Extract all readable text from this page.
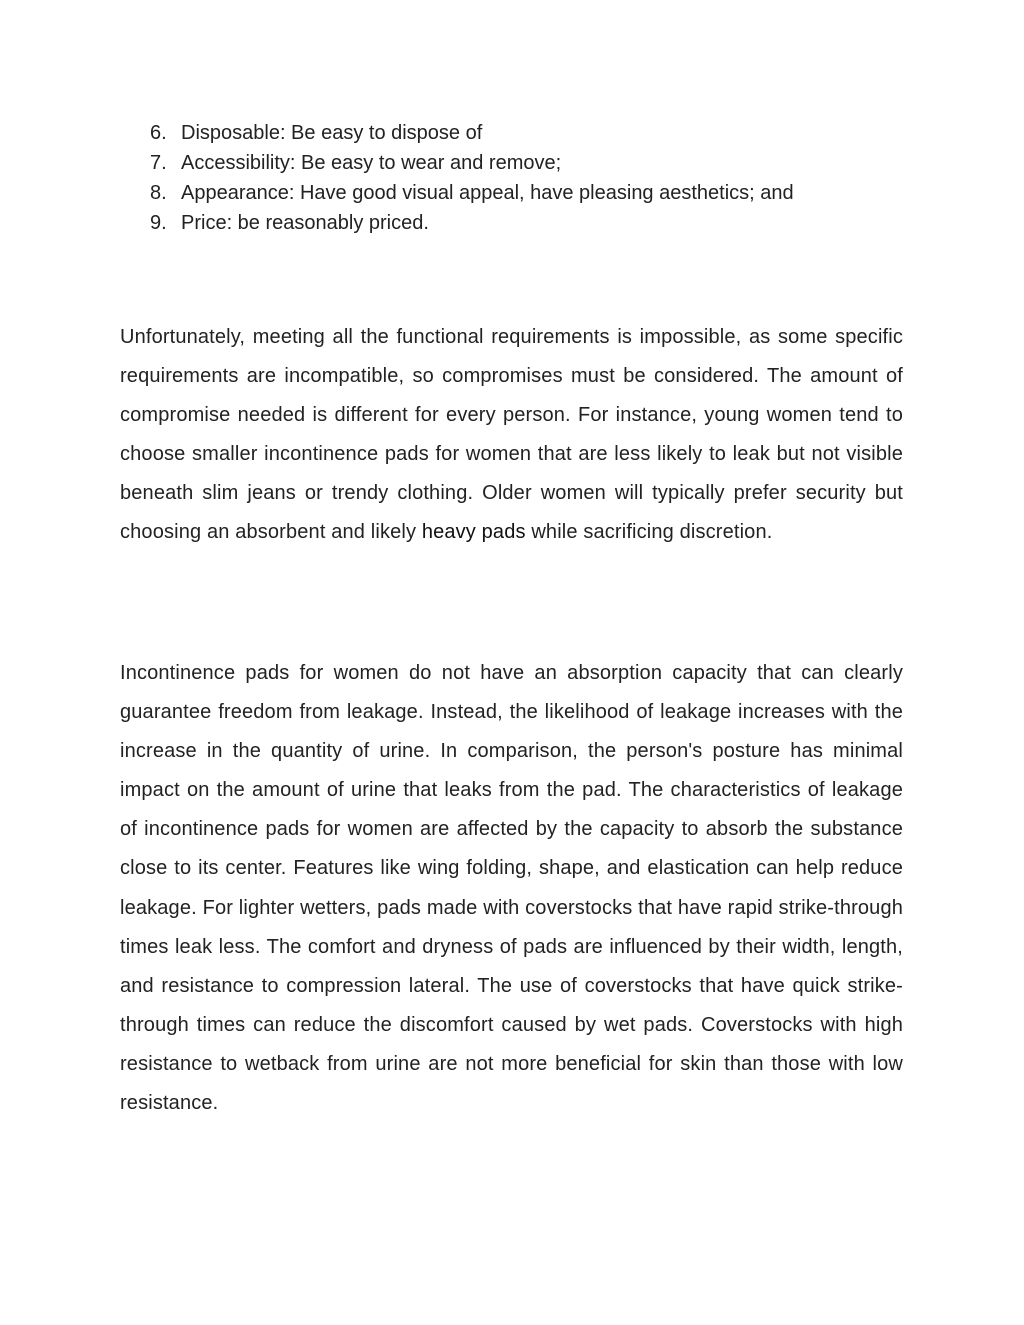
6. Disposable: Be easy to dispose of
7. Accessibility: Be easy to wear and remove;
8. Appearance: Have good visual appeal, have pleasing aesthetics; and
9. Price: be reasonably priced.

Unfortunately, meeting all the functional requirements is impossible, as some specific requirements are incompatible, so compromises must be considered. The amount of compromise needed is different for every person. For instance, young women tend to choose smaller incontinence pads for women that are less likely to leak but not visible beneath slim jeans or trendy clothing. Older women will typically prefer security but choosing an absorbent and likely heavy pads while sacrificing discretion.

Incontinence pads for women do not have an absorption capacity that can clearly guarantee freedom from leakage. Instead, the likelihood of leakage increases with the increase in the quantity of urine. In comparison, the person's posture has minimal impact on the amount of urine that leaks from the pad. The characteristics of leakage of incontinence pads for women are affected by the capacity to absorb the substance close to its center. Features like wing folding, shape, and elastication can help reduce leakage. For lighter wetters, pads made with coverstocks that have rapid strike-through times leak less. The comfort and dryness of pads are influenced by their width, length, and resistance to compression lateral. The use of coverstocks that have quick strike-through times can reduce the discomfort caused by wet pads. Coverstocks with high resistance to wetback from urine are not more beneficial for skin than those with low resistance.
